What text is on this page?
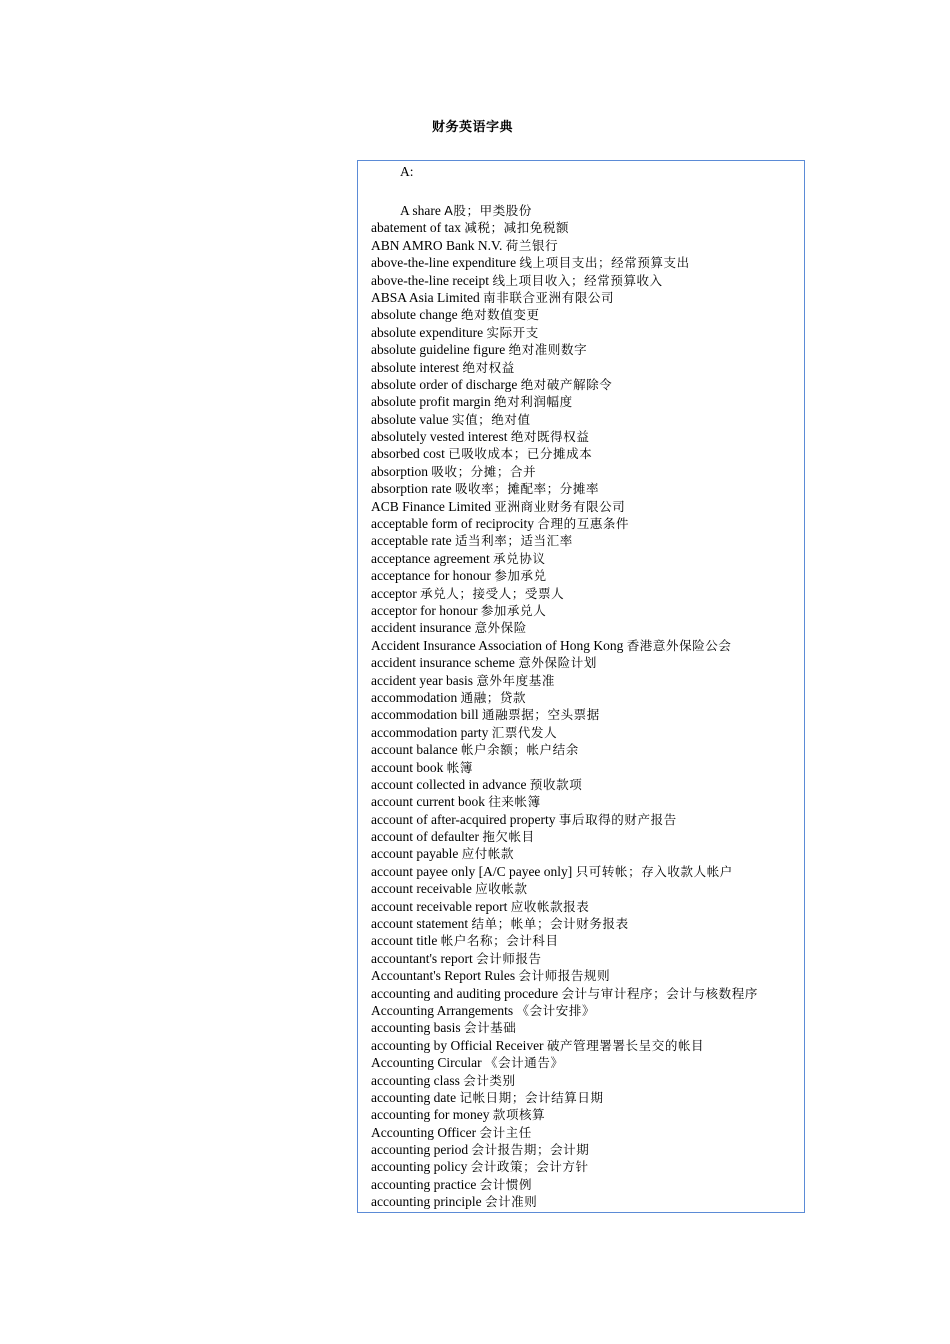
财务英语字典
A:
A share A股；甲类股份
abatement of tax 减税；减扣免税额
ABN AMRO Bank N.V. 荷兰银行
above-the-line expenditure 线上项目支出；经常预算支出
above-the-line receipt 线上项目收入；经常预算收入
ABSA Asia Limited 南非联合亚洲有限公司
absolute change 绝对数值变更
absolute expenditure 实际开支
absolute guideline figure 绝对准则数字
absolute interest 绝对权益
absolute order of discharge 绝对破产解除令
absolute profit margin 绝对利润幅度
absolute value 实值；绝对值
absolutely vested interest 绝对既得权益
absorbed cost 已吸收成本；已分摊成本
absorption 吸收；分摊；合并
absorption rate 吸收率；摊配率；分摊率
ACB Finance Limited 亚洲商业财务有限公司
acceptable form of reciprocity 合理的互惠条件
acceptable rate 适当利率；适当汇率
acceptance agreement 承兑协议
acceptance for honour 参加承兑
acceptor 承兑人；接受人；受票人
acceptor for honour 参加承兑人
accident insurance 意外保险
Accident Insurance Association of Hong Kong 香港意外保险公会
accident insurance scheme 意外保险计划
accident year basis 意外年度基准
accommodation 通融；贷款
accommodation bill 通融票据；空头票据
accommodation party 汇票代发人
account balance 帐户余额；帐户结余
account book 帐簿
account collected in advance 预收款项
account current book 往来帐簿
account of after-acquired property 事后取得的财产报告
account of defaulter 拖欠帐目
account payable 应付帐款
account payee only [A/C payee only] 只可转帐；存入收款人帐户
account receivable 应收帐款
account receivable report 应收帐款报表
account statement 结单；帐单；会计财务报表
account title 帐户名称；会计科目
accountant's report 会计师报告
Accountant's Report Rules 会计师报告规则
accounting and auditing procedure 会计与审计程序；会计与核数程序
Accounting Arrangements 《会计安排》
accounting basis 会计基础
accounting by Official Receiver 破产管理署署长呈交的帐目
Accounting Circular 《会计通告》
accounting class 会计类别
accounting date 记帐日期；会计结算日期
accounting for money 款项核算
Accounting Officer 会计主任
accounting period 会计报告期；会计期
accounting policy 会计政策；会计方针
accounting practice 会计惯例
accounting principle 会计准则
